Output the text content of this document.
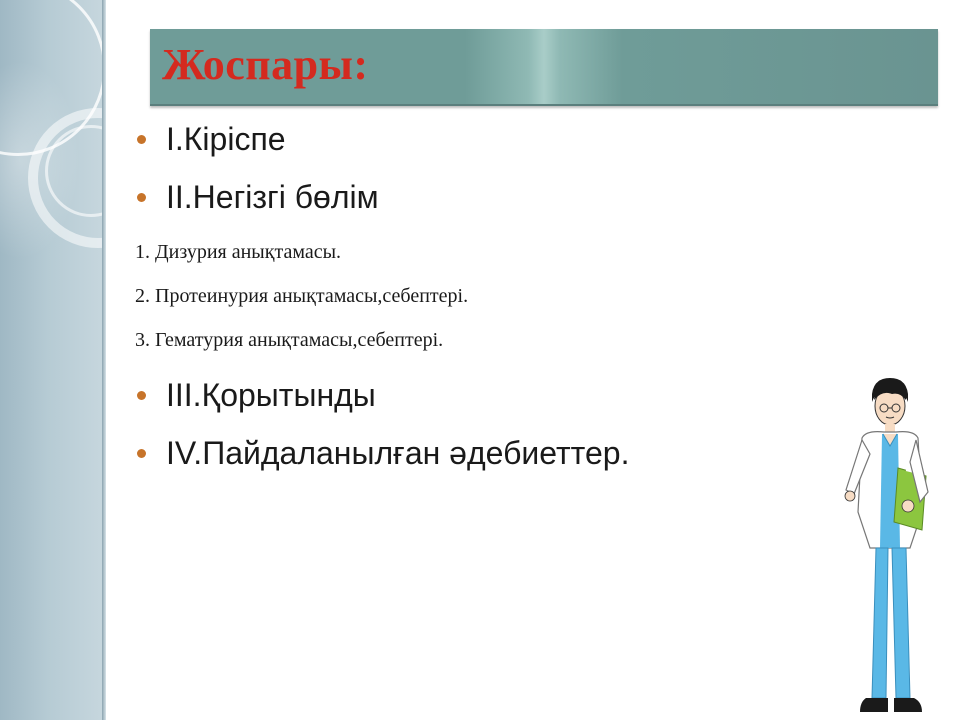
Жоспары:
I.Кіріспе
II.Негізгі бөлім
1. Дизурия анықтамасы.
2. Протеинурия анықтамасы,себептері.
3. Гематурия анықтамасы,себептері.
III.Қорытынды
IV.Пайдаланылған әдебиеттер.
